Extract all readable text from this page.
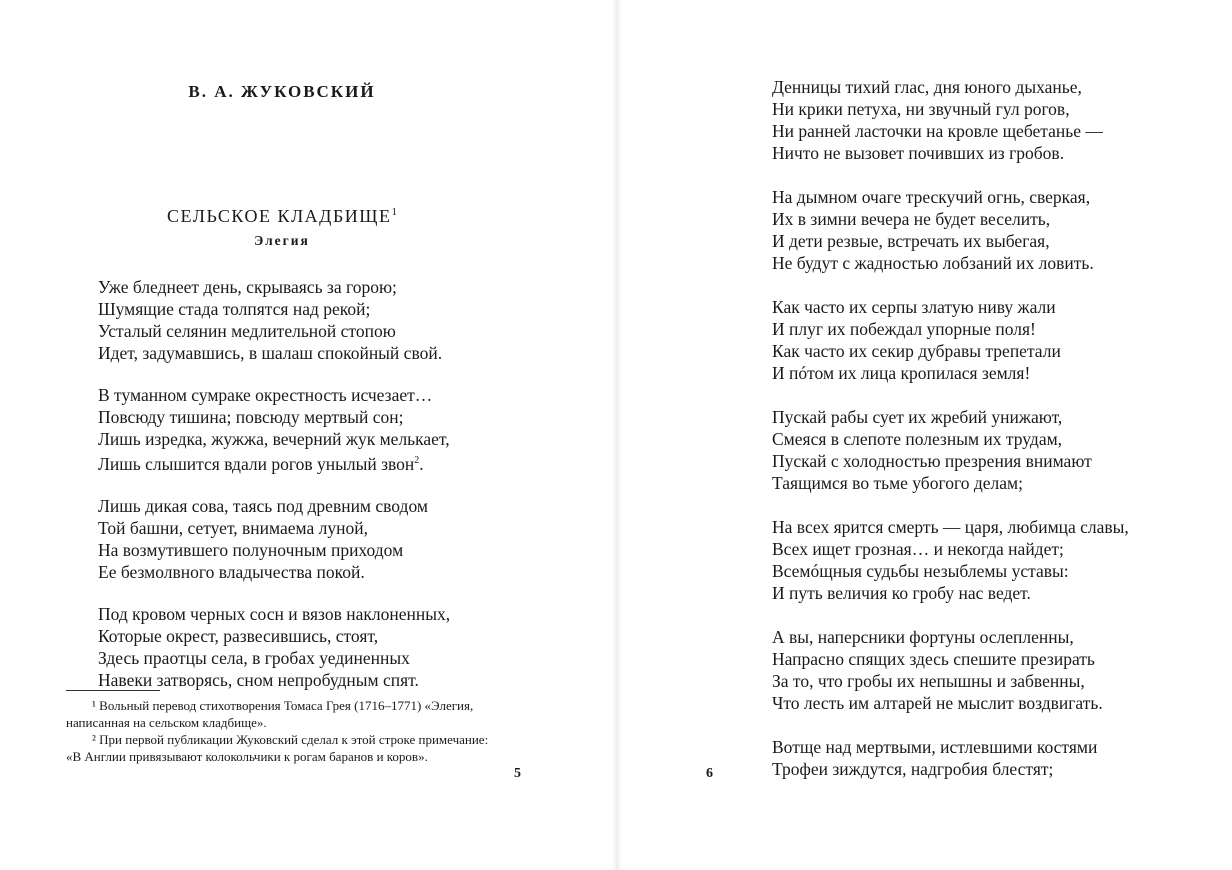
В. А. ЖУКОВСКИЙ
СЕЛЬСКОЕ КЛАДБИЩЕ$^1$
Элегия
Уже бледнеет день, скрываясь за горою;
Шумящие стада толпятся над рекой;
Усталый селянин медлительной стопою
Идет, задумавшись, в шалаш спокойный свой.
В туманном сумраке окрестность исчезает…
Повсюду тишина; повсюду мертвый сон;
Лишь изредка, жужжа, вечерний жук мелькает,
Лишь слышится вдали рогов унылый звон$^2$.
Лишь дикая сова, таясь под древним сводом
Той башни, сетует, внимаема луной,
На возмутившего полуночным приходом
Ее безмолвного владычества покой.
Под кровом черных сосн и вязов наклоненных,
Которые окрест, развесившись, стоят,
Здесь праотцы села, в гробах уединенных
Навеки затворясь, сном непробудным спят.

¹ Вольный перевод стихотворения Томаса Грея (1716–1771) «Элегия, написанная на сельском кладбище».

² При первой публикации Жуковский сделал к этой строке примечание: «В Англии привязывают колокольчики к рогам баранов и коров».

5
Денницы тихий глас, дня юного дыханье,
Ни крики петуха, ни звучный гул рогов,
Ни ранней ласточки на кровле щебетанье —
Ничто не вызовет почивших из гробов.
На дымном очаге трескучий огнь, сверкая,
Их в зимни вечера не будет веселить,
И дети резвые, встречать их выбегая,
Не будут с жадностью лобзаний их ловить.
Как часто их серпы златую ниву жали
И плуг их побеждал упорные поля!
Как часто их секир дубравы трепетали
И пóтом их лица кропилася земля!
Пускай рабы сует их жребий унижают,
Смеяся в слепоте полезным их трудам,
Пускай с холодностью презрения внимают
Таящимся во тьме убогого делам;
На всех ярится смерть — царя, любимца славы,
Всех ищет грозная… и некогда найдет;
Всемóщныя судьбы незыблемы уставы:
И путь величия ко гробу нас ведет.
А вы, наперсники фортуны ослепленны,
Напрасно спящих здесь спешите презирать
За то, что гробы их непышны и забвенны,
Что лесть им алтарей не мыслит воздвигать.
Вотще над мертвыми, истлевшими костями
Трофеи зиждутся, надгробия блестят;
6
